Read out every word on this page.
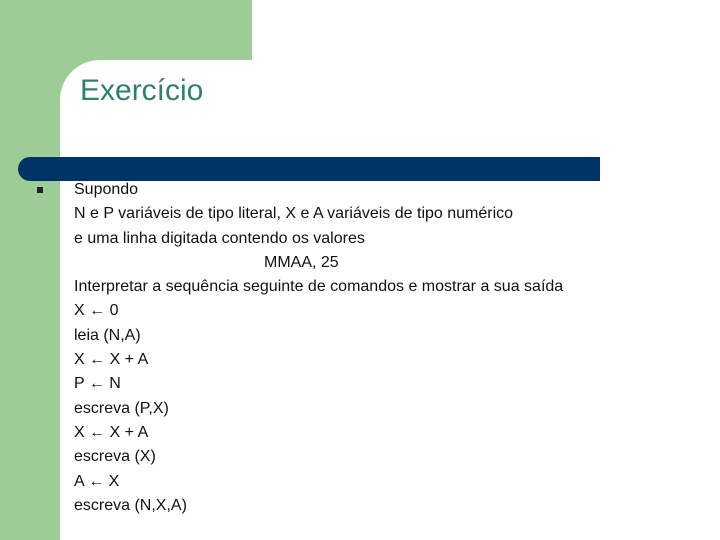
Exercício
Supondo
N e P variáveis de tipo literal, X e A variáveis de tipo numérico
e uma linha digitada contendo os valores
MMAA, 25
Interpretar a sequência seguinte de comandos e mostrar a sua saída
X ← 0
leia (N,A)
X ← X + A
P ← N
escreva (P,X)
X ← X + A
escreva (X)
A ← X
escreva (N,X,A)
